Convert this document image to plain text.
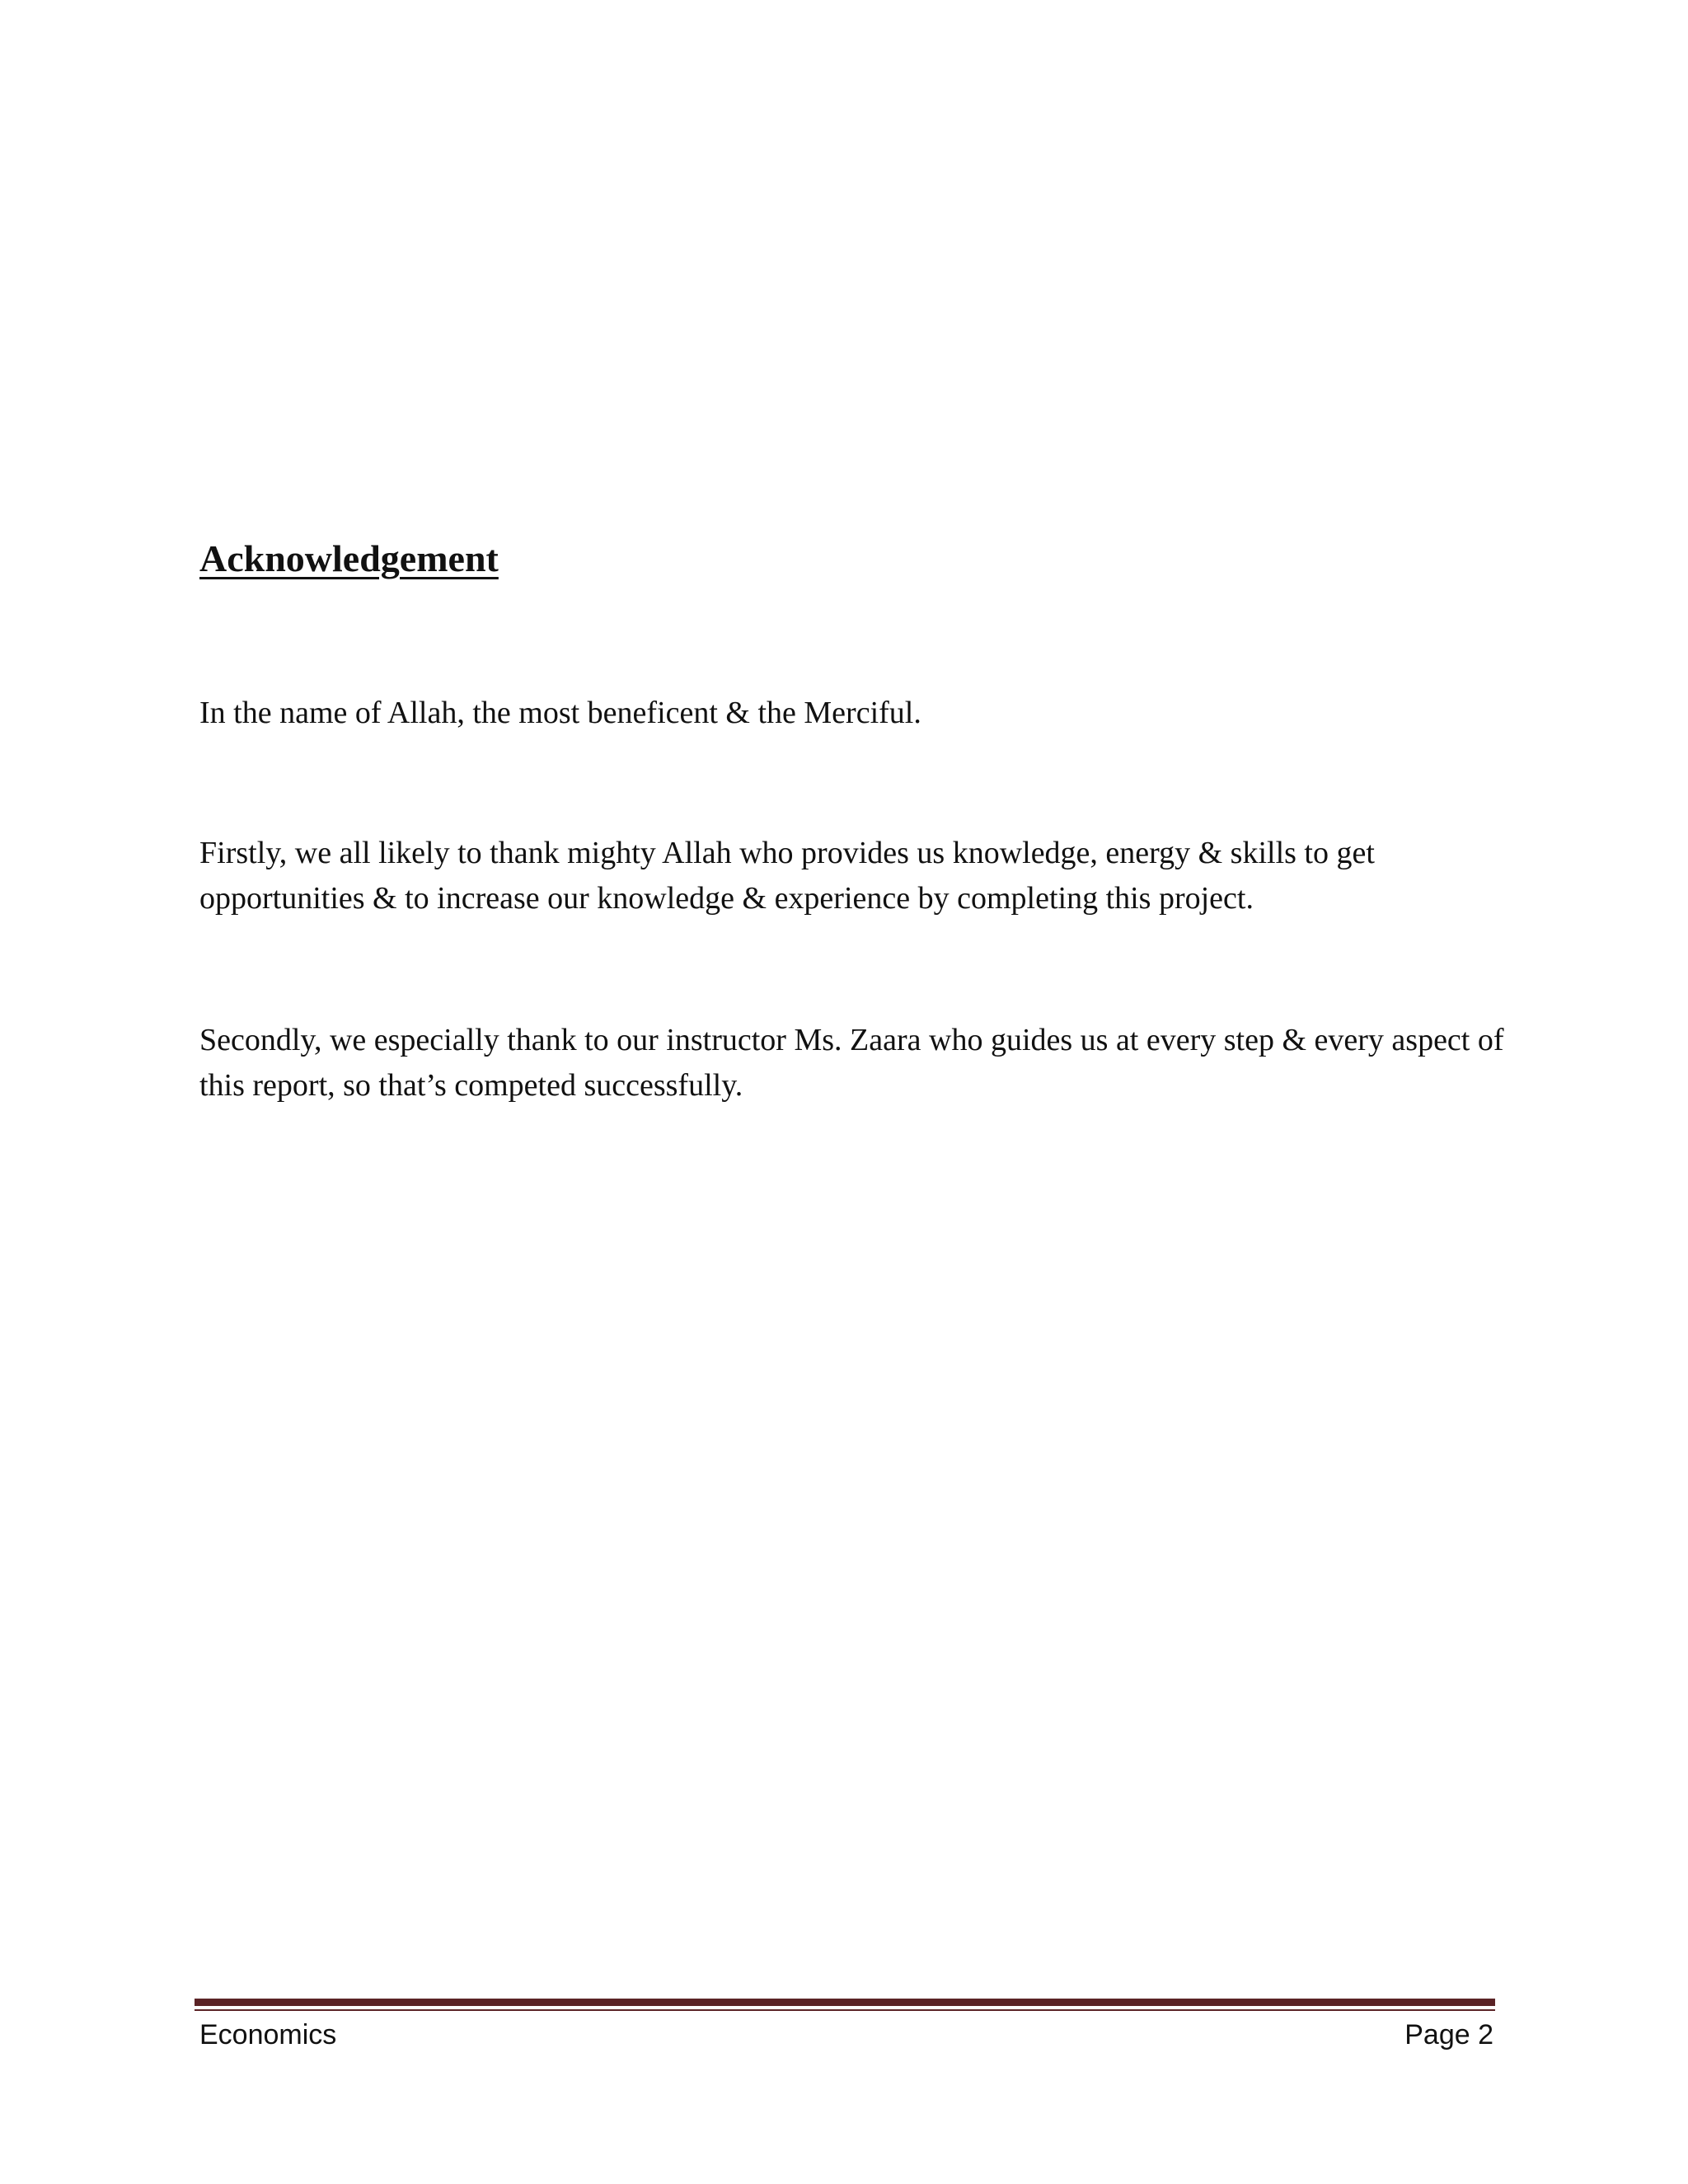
Acknowledgement

In the name of Allah, the most beneficent & the Merciful.

Firstly, we all likely to thank mighty Allah who provides us knowledge, energy & skills to get opportunities & to increase our knowledge & experience by completing this project.

Secondly, we especially thank to our instructor Ms. Zaara who guides us at every step & every aspect of this report, so that’s competed successfully.

Economics	Page 2
